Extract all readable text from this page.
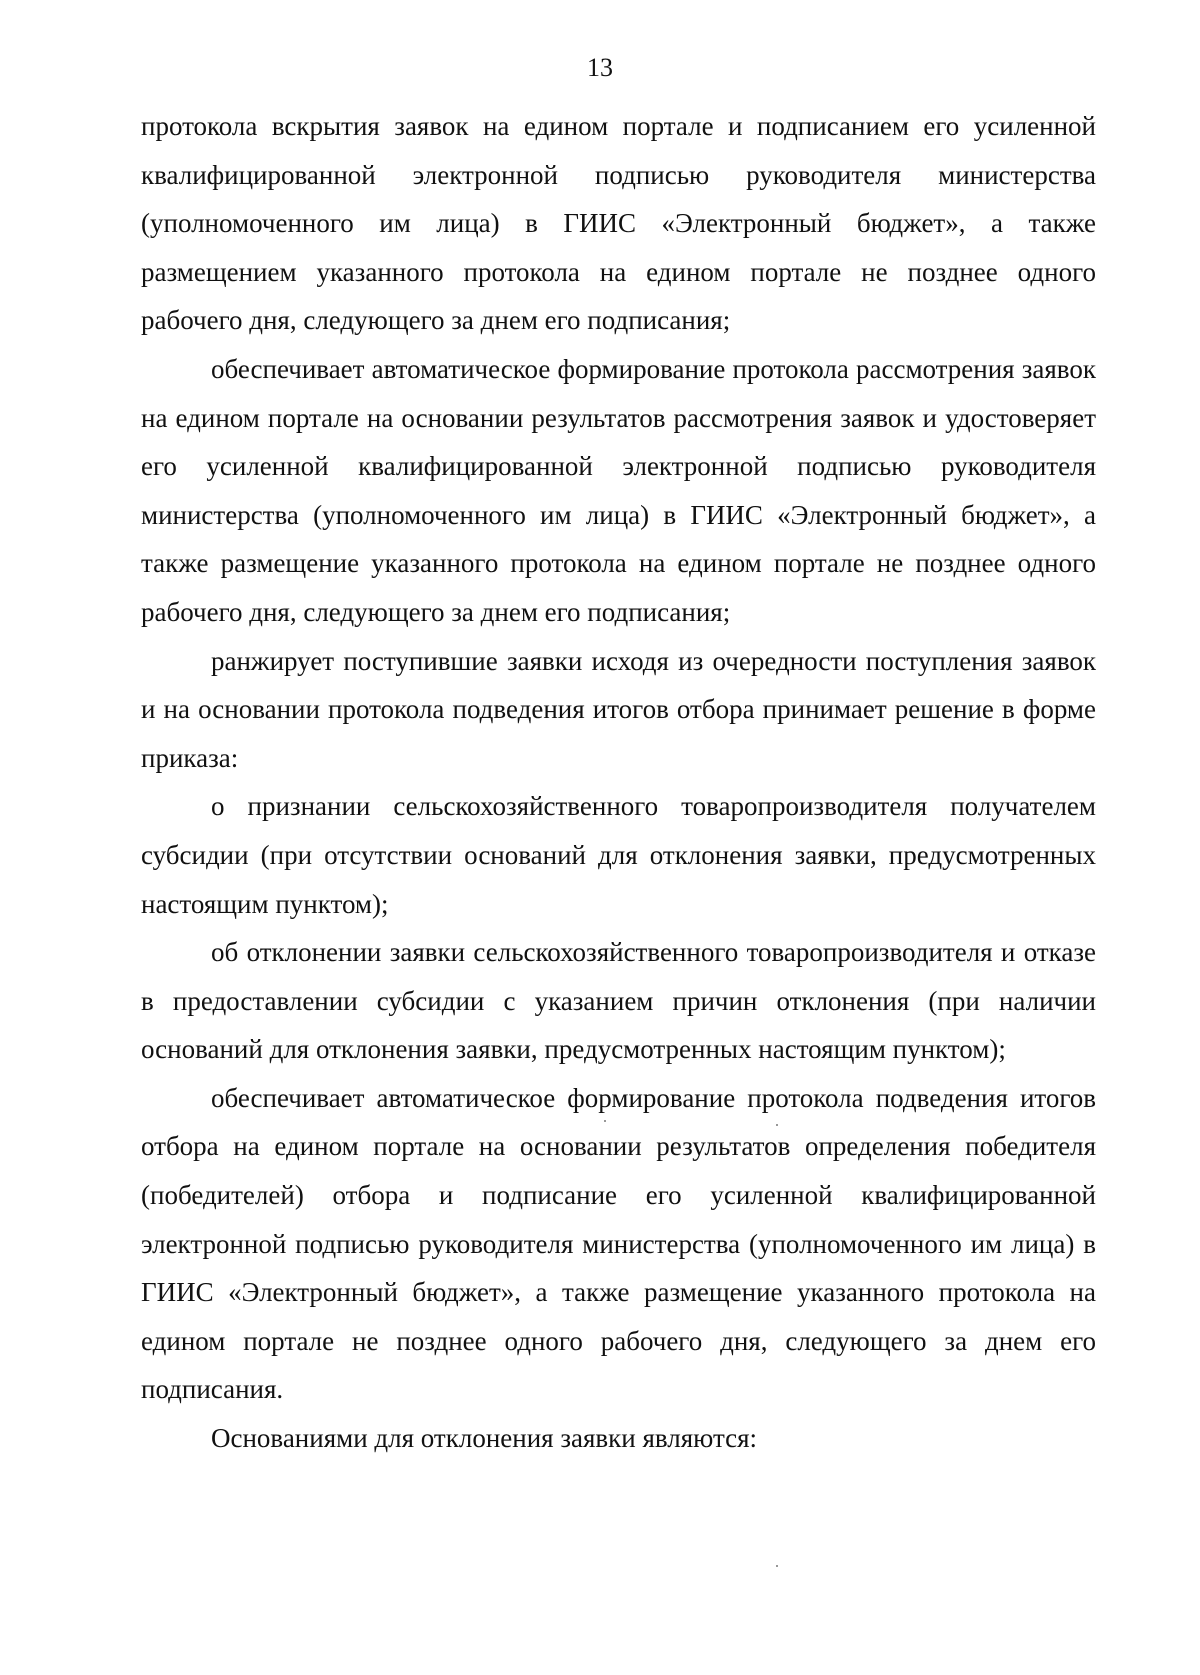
13

протокола вскрытия заявок на едином портале и подписанием его усиленной квалифицированной электронной подписью руководителя министерства (уполномоченного им лица) в ГИИС «Электронный бюджет», а также размещением указанного протокола на едином портале не позднее одного рабочего дня, следующего за днем его подписания;

обеспечивает автоматическое формирование протокола рассмотрения заявок на едином портале на основании результатов рассмотрения заявок и удостоверяет его усиленной квалифицированной электронной подписью руководителя министерства (уполномоченного им лица) в ГИИС «Электронный бюджет», а также размещение указанного протокола на едином портале не позднее одного рабочего дня, следующего за днем его подписания;

ранжирует поступившие заявки исходя из очередности поступления заявок и на основании протокола подведения итогов отбора принимает решение в форме приказа:

о признании сельскохозяйственного товаропроизводителя получателем субсидии (при отсутствии оснований для отклонения заявки, предусмотренных настоящим пунктом);

об отклонении заявки сельскохозяйственного товаропроизводителя и отказе в предоставлении субсидии с указанием причин отклонения (при наличии оснований для отклонения заявки, предусмотренных настоящим пунктом);

обеспечивает автоматическое формирование протокола подведения итогов отбора на едином портале на основании результатов определения победителя (победителей) отбора и подписание его усиленной квалифицированной электронной подписью руководителя министерства (уполномоченного им лица) в ГИИС «Электронный бюджет», а также размещение указанного протокола на едином портале не позднее одного рабочего дня, следующего за днем его подписания.

Основаниями для отклонения заявки являются:
